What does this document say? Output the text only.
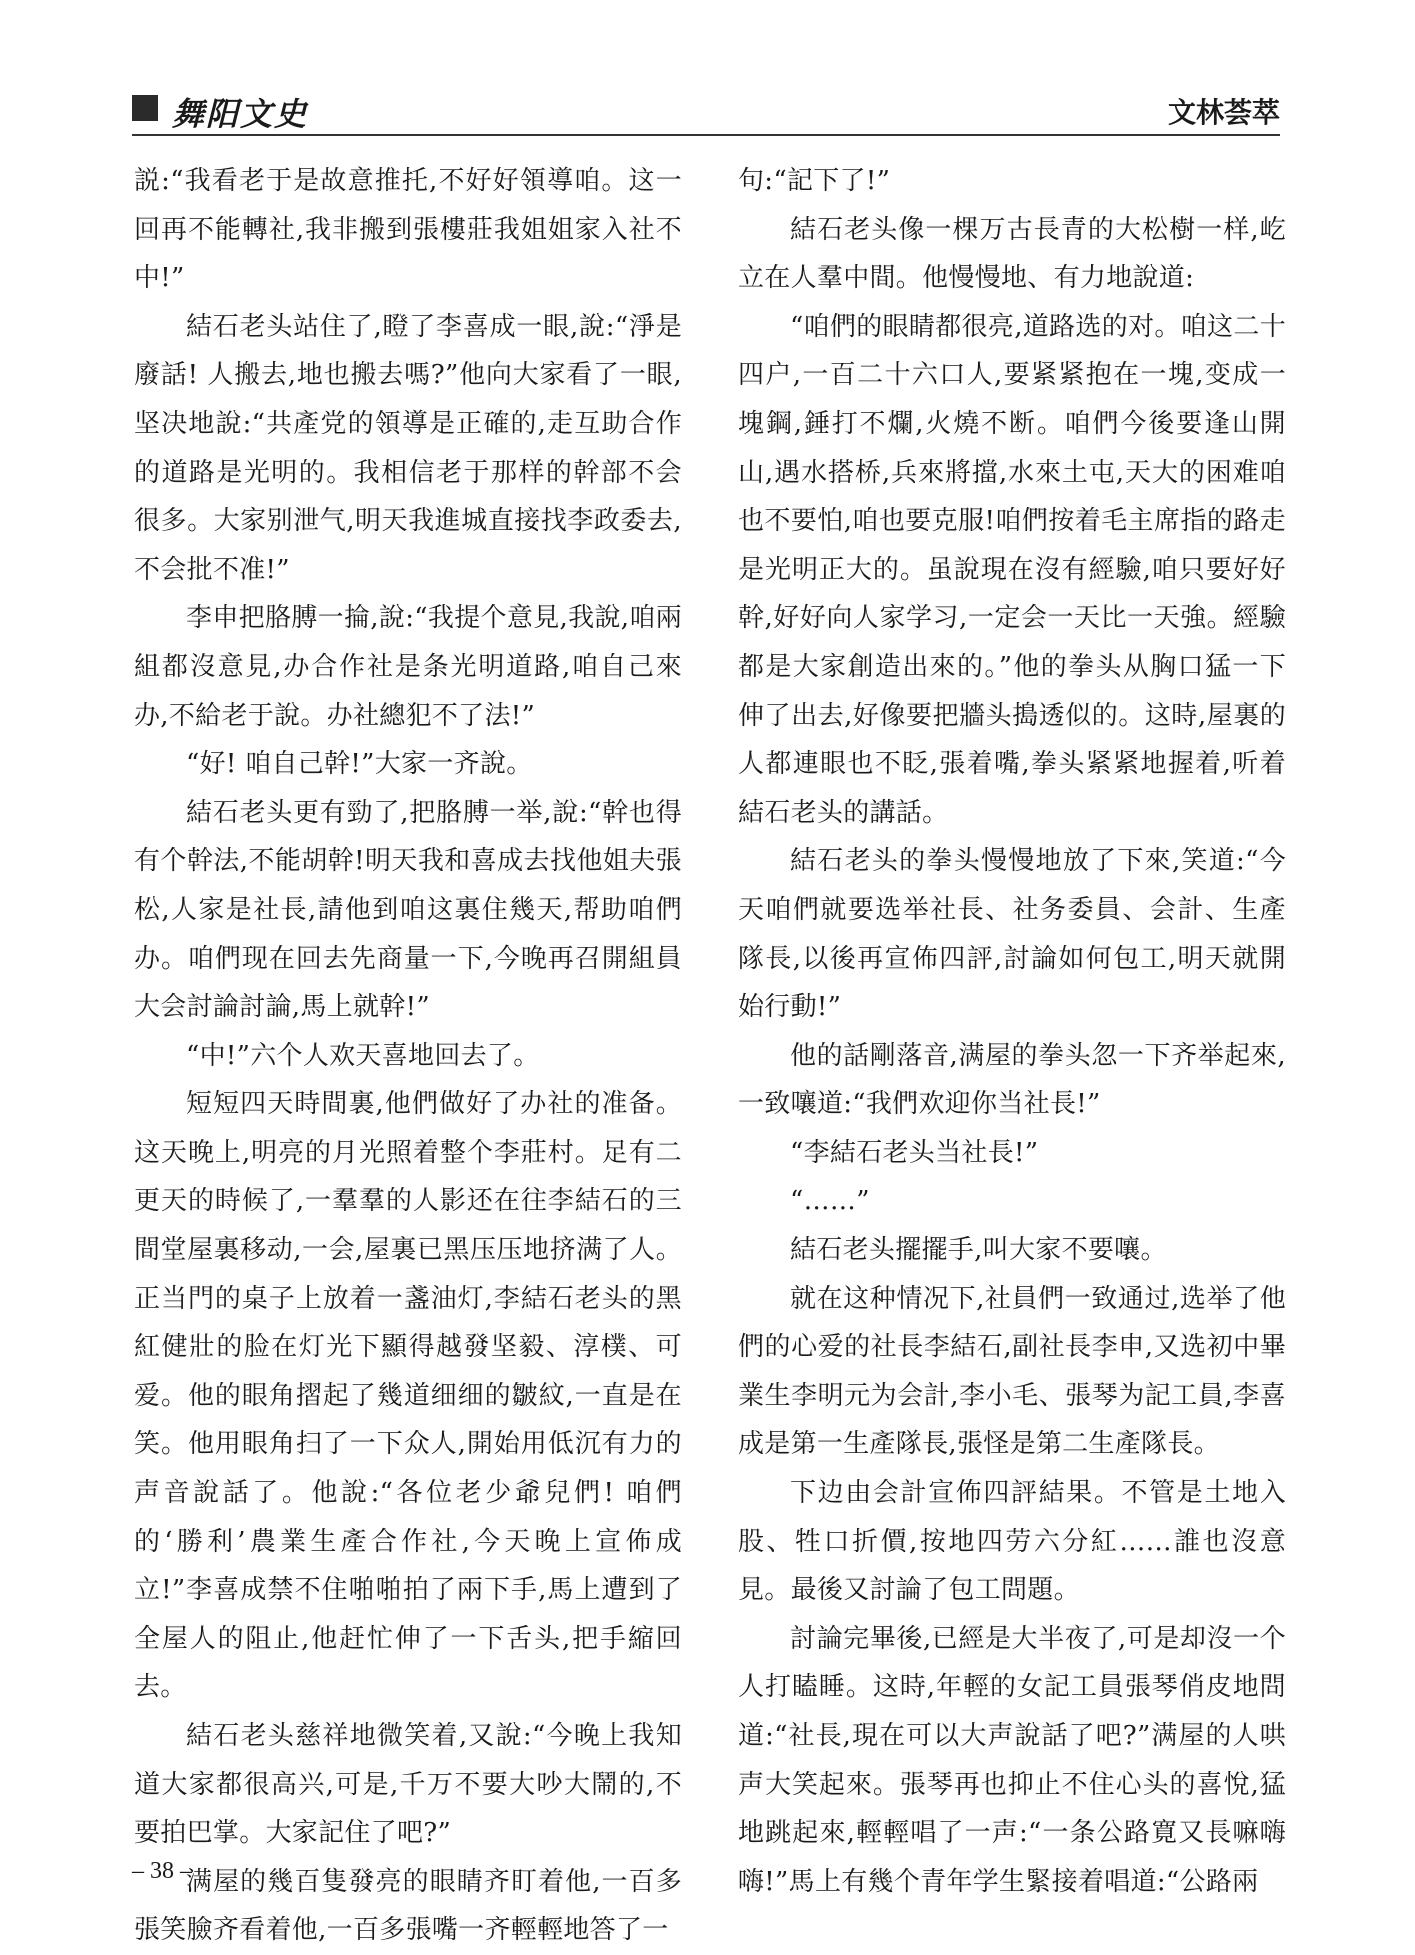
舞阳文史	文林荟萃

説:“我看老于是故意推托,不好好領導咱。这一回再不能轉社,我非搬到張樓莊我姐姐家入社不中!”

結石老头站住了,瞪了李喜成一眼,說:“淨是廢話! 人搬去,地也搬去嗎?”他向大家看了一眼,坚决地說:“共產党的領導是正確的,走互助合作的道路是光明的。我相信老于那样的幹部不会很多。大家别泄气,明天我進城直接找李政委去,不会批不准!”

李申把胳膊一掄,說:“我提个意見,我說,咱兩組都沒意見,办合作社是条光明道路,咱自己來办,不給老于說。办社總犯不了法!”

“好! 咱自己幹!”大家一齐說。

結石老头更有勁了,把胳膊一举,說:“幹也得有个幹法,不能胡幹!明天我和喜成去找他姐夫張松,人家是社長,請他到咱这裏住幾天,帮助咱們办。咱們现在回去先商量一下,今晚再召開組員大会討論討論,馬上就幹!”

“中!”六个人欢天喜地回去了。

短短四天時間裏,他們做好了办社的准备。这天晚上,明亮的月光照着整个李莊村。足有二更天的時候了,一羣羣的人影还在往李結石的三間堂屋裏移动,一会,屋裏已黑压压地挤满了人。正当門的桌子上放着一盞油灯,李結石老头的黑紅健壯的脸在灯光下顯得越發坚毅、淳樸、可爱。他的眼角摺起了幾道细细的皺紋,一直是在笑。他用眼角扫了一下众人,開始用低沉有力的声音說話了。他說:“各位老少爺兒們! 咱們的‘勝利’農業生產合作社,今天晚上宣佈成立!”李喜成禁不住啪啪拍了兩下手,馬上遭到了全屋人的阻止,他赶忙伸了一下舌头,把手縮回去。

結石老头慈祥地微笑着,又說:“今晚上我知道大家都很高兴,可是,千万不要大吵大鬧的,不要拍巴掌。大家記住了吧?”

满屋的幾百隻發亮的眼睛齐盯着他,一百多張笑臉齐看着他,一百多張嘴一齐輕輕地答了一

句:“記下了!”

結石老头像一棵万古長青的大松樹一样,屹立在人羣中間。他慢慢地、有力地說道:

“咱們的眼睛都很亮,道路选的对。咱这二十四户,一百二十六口人,要紧紧抱在一塊,变成一塊鋼,錘打不爛,火燒不断。咱們今後要逢山開山,遇水搭桥,兵來將擋,水來土屯,天大的困难咱也不要怕,咱也要克服!咱們按着毛主席指的路走是光明正大的。虽說現在沒有經驗,咱只要好好幹,好好向人家学习,一定会一天比一天強。經驗都是大家創造出來的。”他的拳头从胸口猛一下伸了出去,好像要把牆头搗透似的。这時,屋裏的人都連眼也不眨,張着嘴,拳头紧紧地握着,听着結石老头的講話。

結石老头的拳头慢慢地放了下來,笑道:“今天咱們就要选举社長、社务委員、会計、生產隊長,以後再宣佈四評,討論如何包工,明天就開始行動!”

他的話剛落音,满屋的拳头忽一下齐举起來,一致嚷道:“我們欢迎你当社長!”

“李結石老头当社長!”

“……”

結石老头擺擺手,叫大家不要嚷。

就在这种情况下,社員們一致通过,选举了他們的心爱的社長李結石,副社長李申,又选初中畢業生李明元为会計,李小毛、張琴为記工員,李喜成是第一生產隊長,張怪是第二生產隊長。

下边由会計宣佈四評結果。不管是土地入股、牲口折價,按地四劳六分紅……誰也沒意見。最後又討論了包工問題。

討論完畢後,已經是大半夜了,可是却沒一个人打瞌睡。这時,年輕的女記工員張琴俏皮地問道:“社長,現在可以大声說話了吧?”满屋的人哄声大笑起來。張琴再也抑止不住心头的喜悅,猛地跳起來,輕輕唱了一声:“一条公路寛又長嘛嗨嗨!”馬上有幾个青年学生緊接着唱道:“公路兩

– 38 –
